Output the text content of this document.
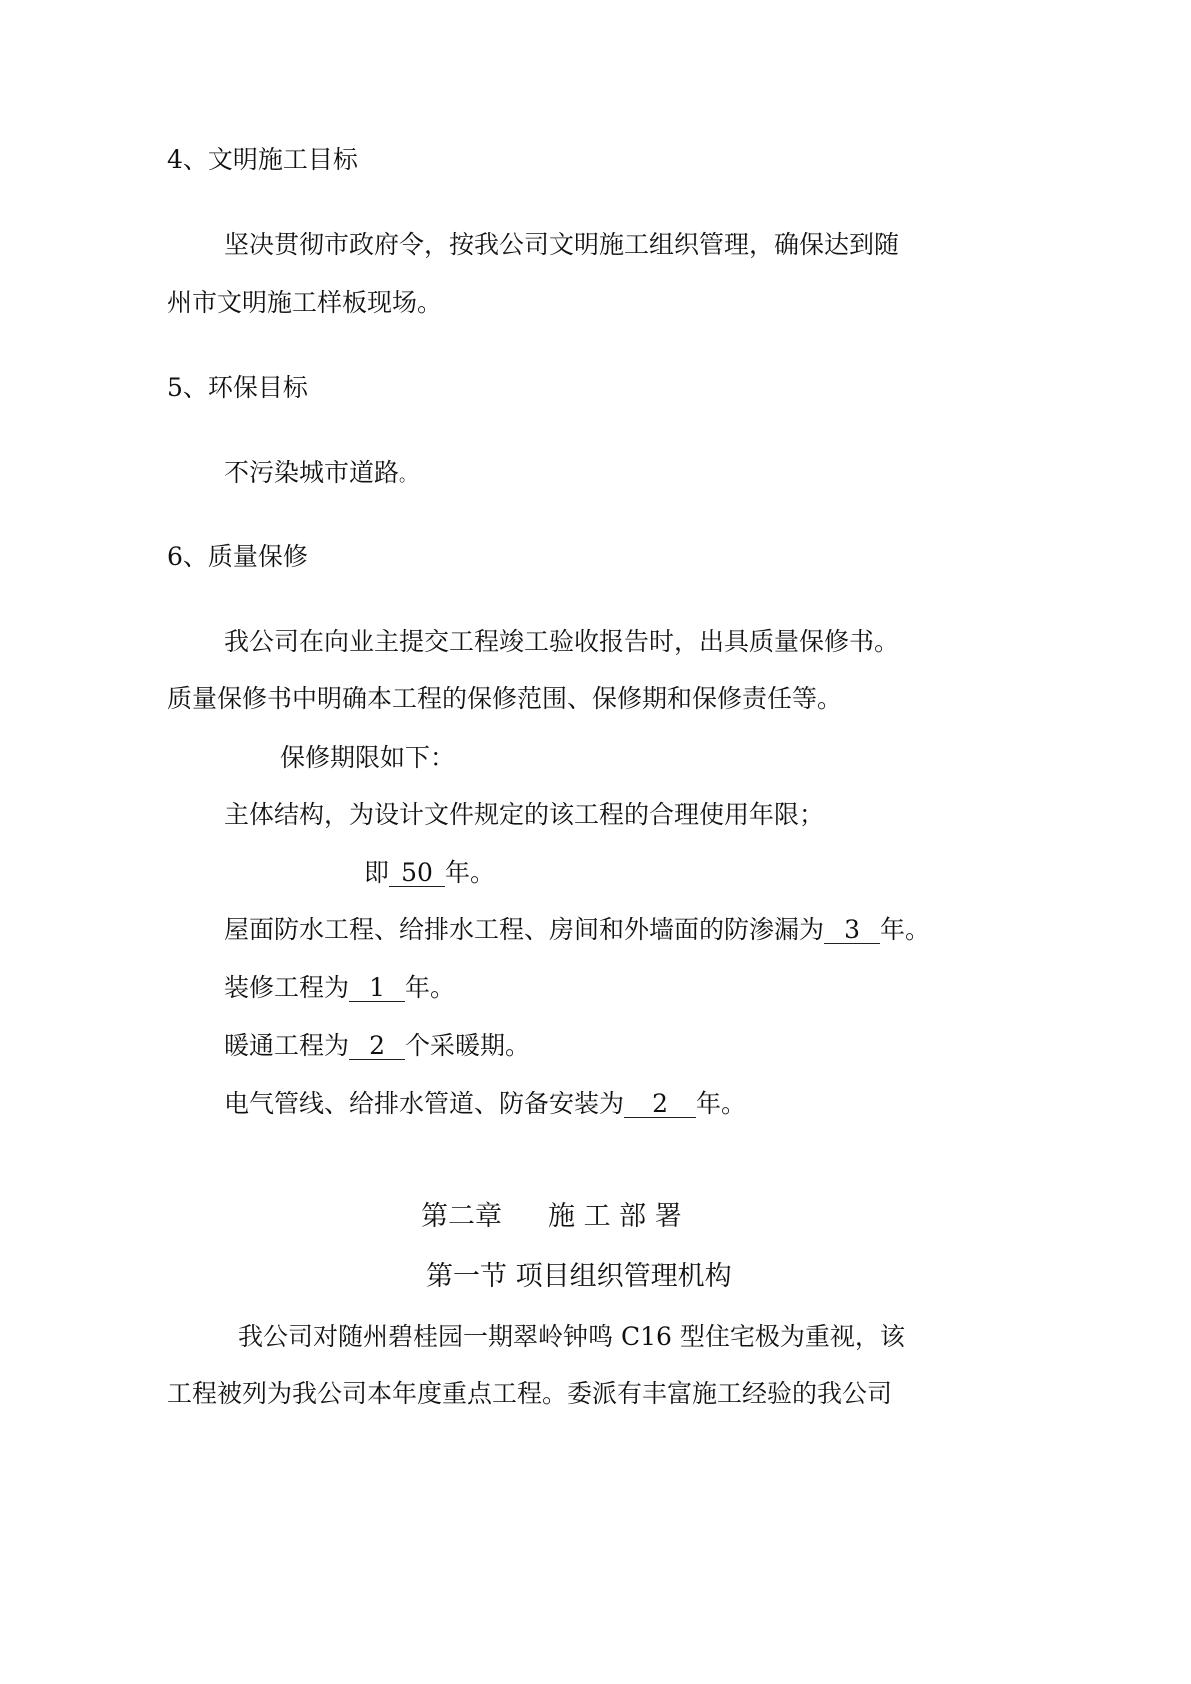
4、文明施工目标
坚决贯彻市政府令，按我公司文明施工组织管理，确保达到随
州市文明施工样板现场。
5、环保目标
不污染城市道路。
6、质量保修
我公司在向业主提交工程竣工验收报告时，出具质量保修书。
质量保修书中明确本工程的保修范围、保修期和保修责任等。
保修期限如下：
主体结构，为设计文件规定的该工程的合理使用年限；
即 50 年。
屋面防水工程、给排水工程、房间和外墙面的防渗漏为 3 年。
装修工程为 1 年。
暖通工程为 2 个采暖期。
电气管线、给排水管道、防备安装为 2 年。
第二章 施 工 部 署
第一节 项目组织管理机构
我公司对随州碧桂园一期翠岭钟鸣 C16 型住宅极为重视，该
工程被列为我公司本年度重点工程。委派有丰富施工经验的我公司
